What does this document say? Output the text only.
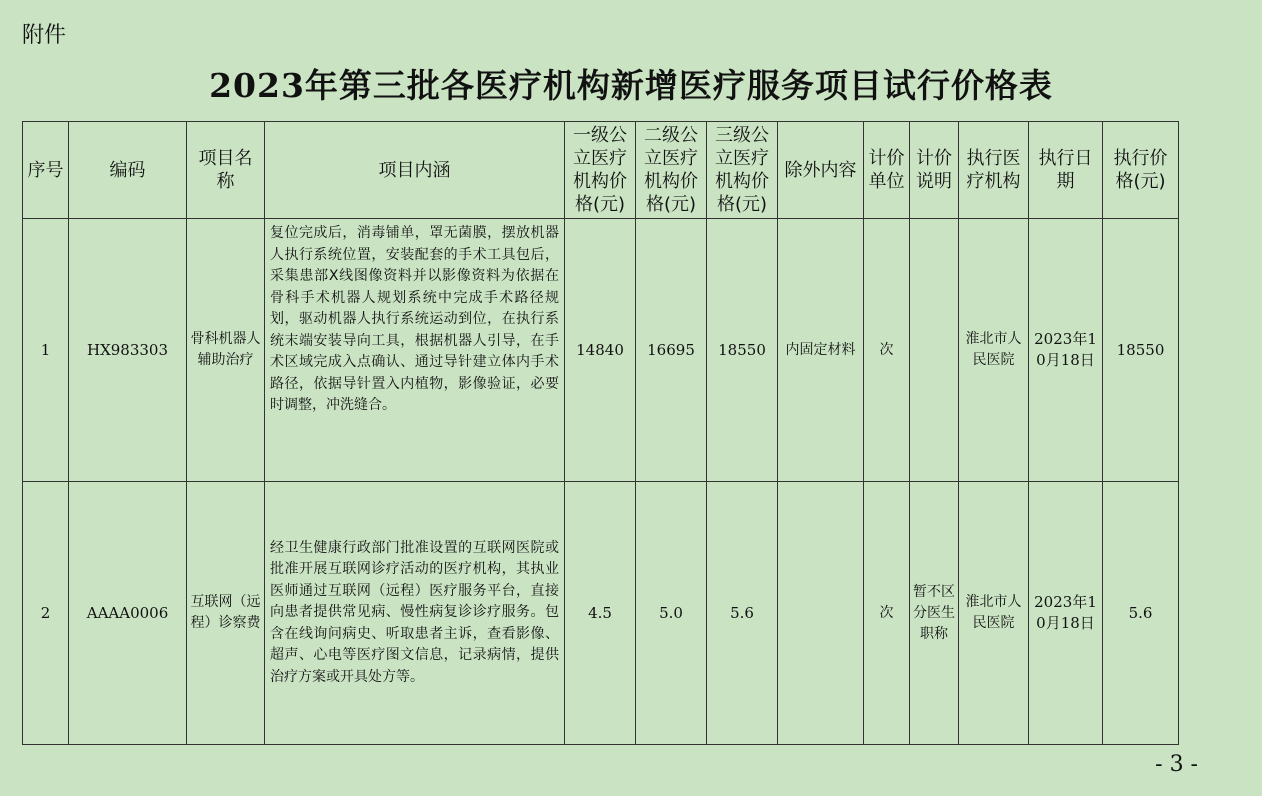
附件
2023年第三批各医疗机构新增医疗服务项目试行价格表
序号	编码	项目名称	项目内涵	一级公立医疗机构价格(元)	二级公立医疗机构价格(元)	三级公立医疗机构价格(元)	除外内容	计价单位	计价说明	执行医疗机构	执行日期	执行价格(元)
1	HX983303	骨科机器人辅助治疗	复位完成后，消毒铺单，罩无菌膜，摆放机器人执行系统位置，安装配套的手术工具包后，采集患部X线图像资料并以影像资料为依据在骨科手术机器人规划系统中完成手术路径规划，驱动机器人执行系统运动到位，在执行系统末端安装导向工具，根据机器人引导，在手术区域完成入点确认、通过导针建立体内手术路径，依据导针置入内植物，影像验证，必要时调整，冲洗缝合。	14840	16695	18550	内固定材料	次		淮北市人民医院	2023年10月18日	18550
2	AAAA0006	互联网（远程）诊察费	经卫生健康行政部门批准设置的互联网医院或批准开展互联网诊疗活动的医疗机构，其执业医师通过互联网（远程）医疗服务平台，直接向患者提供常见病、慢性病复诊诊疗服务。包含在线询问病史、听取患者主诉，查看影像、超声、心电等医疗图文信息，记录病情，提供治疗方案或开具处方等。	4.5	5.0	5.6		次	暂不区分医生职称	淮北市人民医院	2023年10月18日	5.6
- 3 -
